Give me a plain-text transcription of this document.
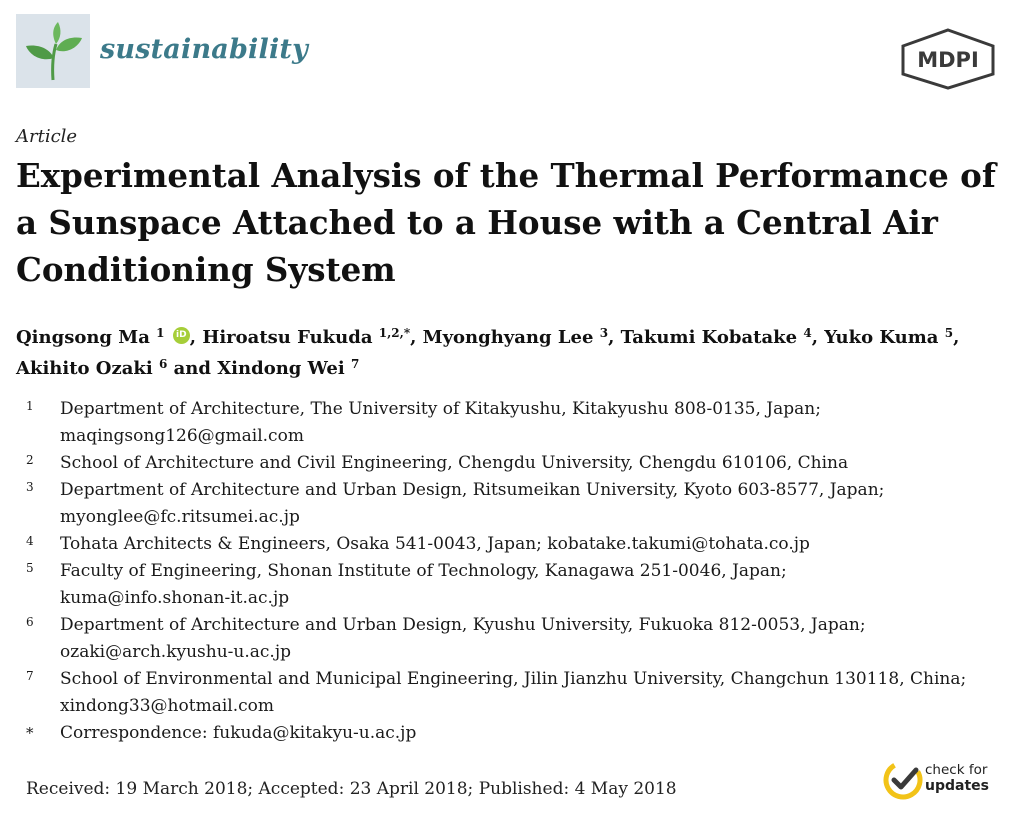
sustainability	MDPI
Article
Experimental Analysis of the Thermal Performance of a Sunspace Attached to a House with a Central Air Conditioning System
Qingsong Ma $^1$ iD , Hiroatsu Fukuda $^{1,2,*}$, Myonghyang Lee $^3$, Takumi Kobatake $^4$, Yuko Kuma $^5$,
Akihito Ozaki $^6$ and Xindong Wei $^7$
1	Department of Architecture, The University of Kitakyushu, Kitakyushu 808-0135, Japan;
maqingsong126@gmail.com
2	School of Architecture and Civil Engineering, Chengdu University, Chengdu 610106, China
3	Department of Architecture and Urban Design, Ritsumeikan University, Kyoto 603-8577, Japan;
myonglee@fc.ritsumei.ac.jp
4	Tohata Architects & Engineers, Osaka 541-0043, Japan; kobatake.takumi@tohata.co.jp
5	Faculty of Engineering, Shonan Institute of Technology, Kanagawa 251-0046, Japan;
kuma@info.shonan-it.ac.jp
6	Department of Architecture and Urban Design, Kyushu University, Fukuoka 812-0053, Japan;
ozaki@arch.kyushu-u.ac.jp
7	School of Environmental and Municipal Engineering, Jilin Jianzhu University, Changchun 130118, China;
xindong33@hotmail.com
* Correspondence: fukuda@kitakyu-u.ac.jp
Received: 19 March 2018; Accepted: 23 April 2018; Published: 4 May 2018
check for
updates
